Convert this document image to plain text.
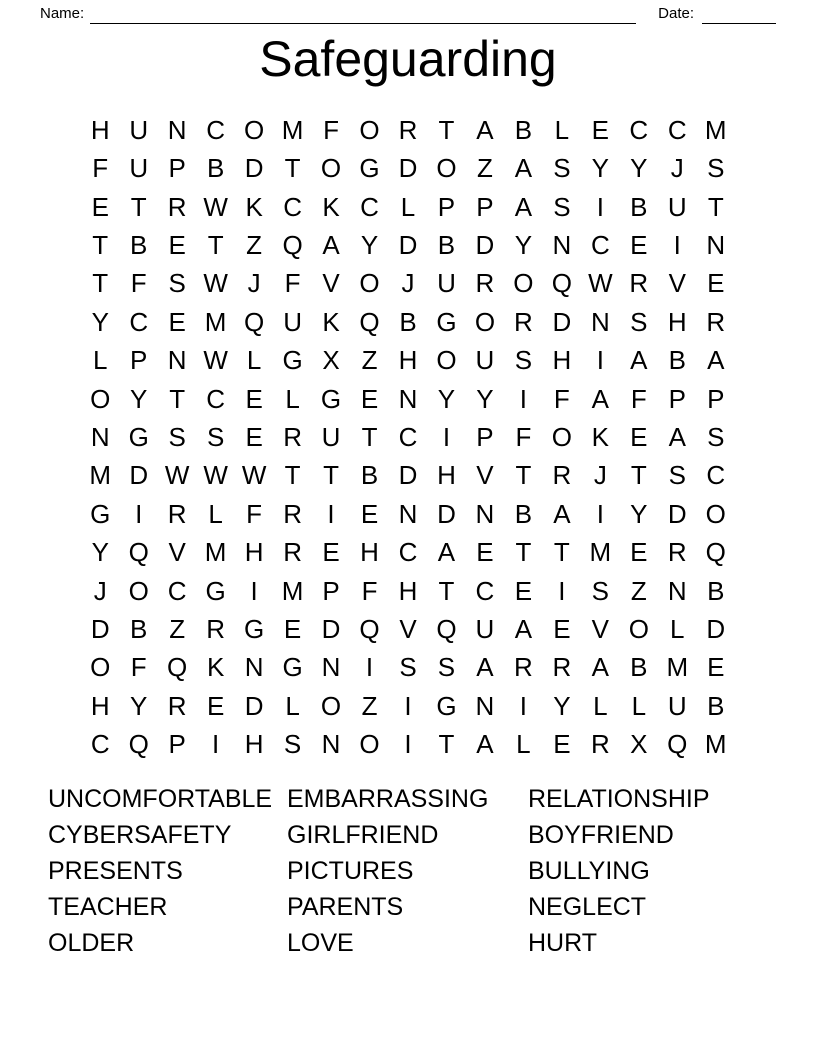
Name:	Date:
Safeguarding
H U N C O M F O R T A B L E C C M
F U P B D T O G D O Z A S Y Y J S
E T R W K C K C L P P A S	I	B U T
T B E T Z Q A Y D B D Y N C E	I N
T F S W J F V O J U R O Q W R V E
Y C E M Q U K Q B G O R D N S H R
L P N W L G X Z H O U S H I	A B A
O Y T C E L G E N Y Y	I	F A F P P
N G S S E R U T C I	P F O K E A S
M D W W W T T B D H V T R J T S C
G I R L F R I	E N D N B A	I	Y D O
Y Q V M H R E H C A E T T M E R Q
J O C G I M P F H T C E	I	S Z N B
D B Z R G E D Q V Q U A E V O L D
O F Q K N G N I	S S A R R A B M E
H Y R E D L O Z	I G N I	Y L L U B
C Q P	I H S N O I	T A L E R X Q M
UNCOMFORTABLE
CYBERSAFETY
PRESENTS
TEACHER
OLDER
EMBARRASSING
GIRLFRIEND
PICTURES
PARENTS
LOVE
RELATIONSHIP
BOYFRIEND
BULLYING
NEGLECT
HURT
